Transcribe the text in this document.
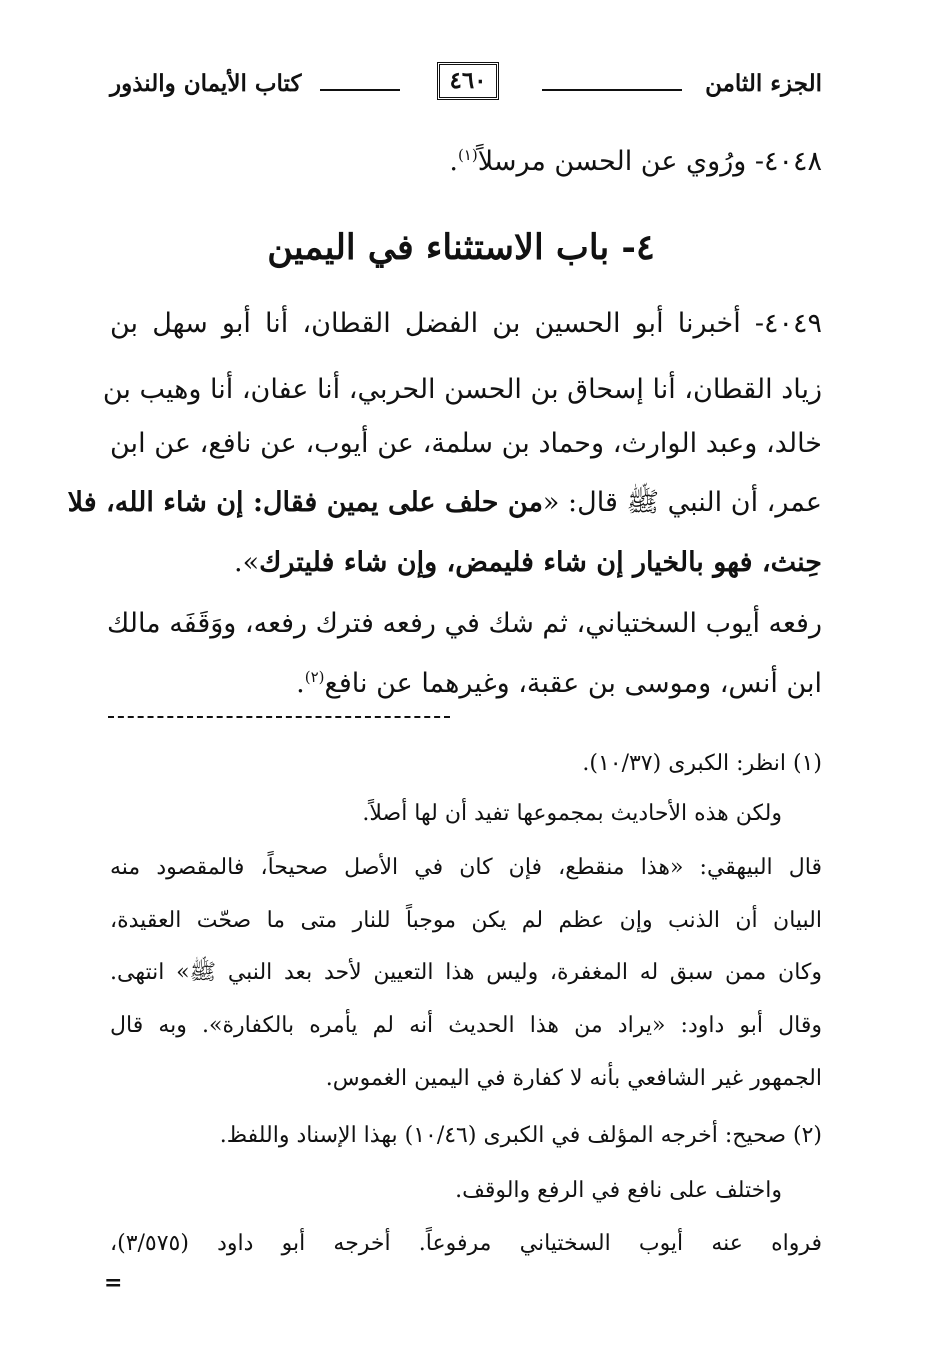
الجزء الثامن
٤٦٠
كتاب الأيمان والنذور
٤٠٤٨- ورُوي عن الحسن مرسلاً$^{(١)}$.
٤- باب الاستثناء في اليمين
٤٠٤٩- أخبرنا أبو الحسين بن الفضل القطان، أنا أبو سهل بن
زياد القطان، أنا إسحاق بن الحسن الحربي، أنا عفان، أنا وهيب بن
خالد، وعبد الوارث، وحماد بن سلمة، عن أيوب، عن نافع، عن ابن
عمر، أن النبي ﷺ قال: «من حلف على يمين فقال: إن شاء الله، فلا
حِنث، فهو بالخيار إن شاء فليمض، وإن شاء فليترك».
رفعه أيوب السختياني، ثم شك في رفعه فترك رفعه، ووَقَفَه مالك
ابن أنس، وموسى بن عقبة، وغيرهما عن نافع$^{(٢)}$.
(١) انظر: الكبرى (١٠/٣٧).
ولكن هذه الأحاديث بمجموعها تفيد أن لها أصلاً.
قال البيهقي: «هذا منقطع، فإن كان في الأصل صحيحاً، فالمقصود منه
البيان أن الذنب وإن عظم لم يكن موجباً للنار متى ما صحّت العقيدة،
وكان ممن سبق له المغفرة، وليس هذا التعيين لأحد بعد النبي ﷺ» انتهى.
وقال أبو داود: «يراد من هذا الحديث أنه لم يأمره بالكفارة». وبه قال
الجمهور غير الشافعي بأنه لا كفارة في اليمين الغموس.
(٢) صحيح: أخرجه المؤلف في الكبرى (١٠/٤٦) بهذا الإسناد واللفظ.
واختلف على نافع في الرفع والوقف.
فرواه عنه أيوب السختياني مرفوعاً. أخرجه أبو داود (٣/٥٧٥)،
=
